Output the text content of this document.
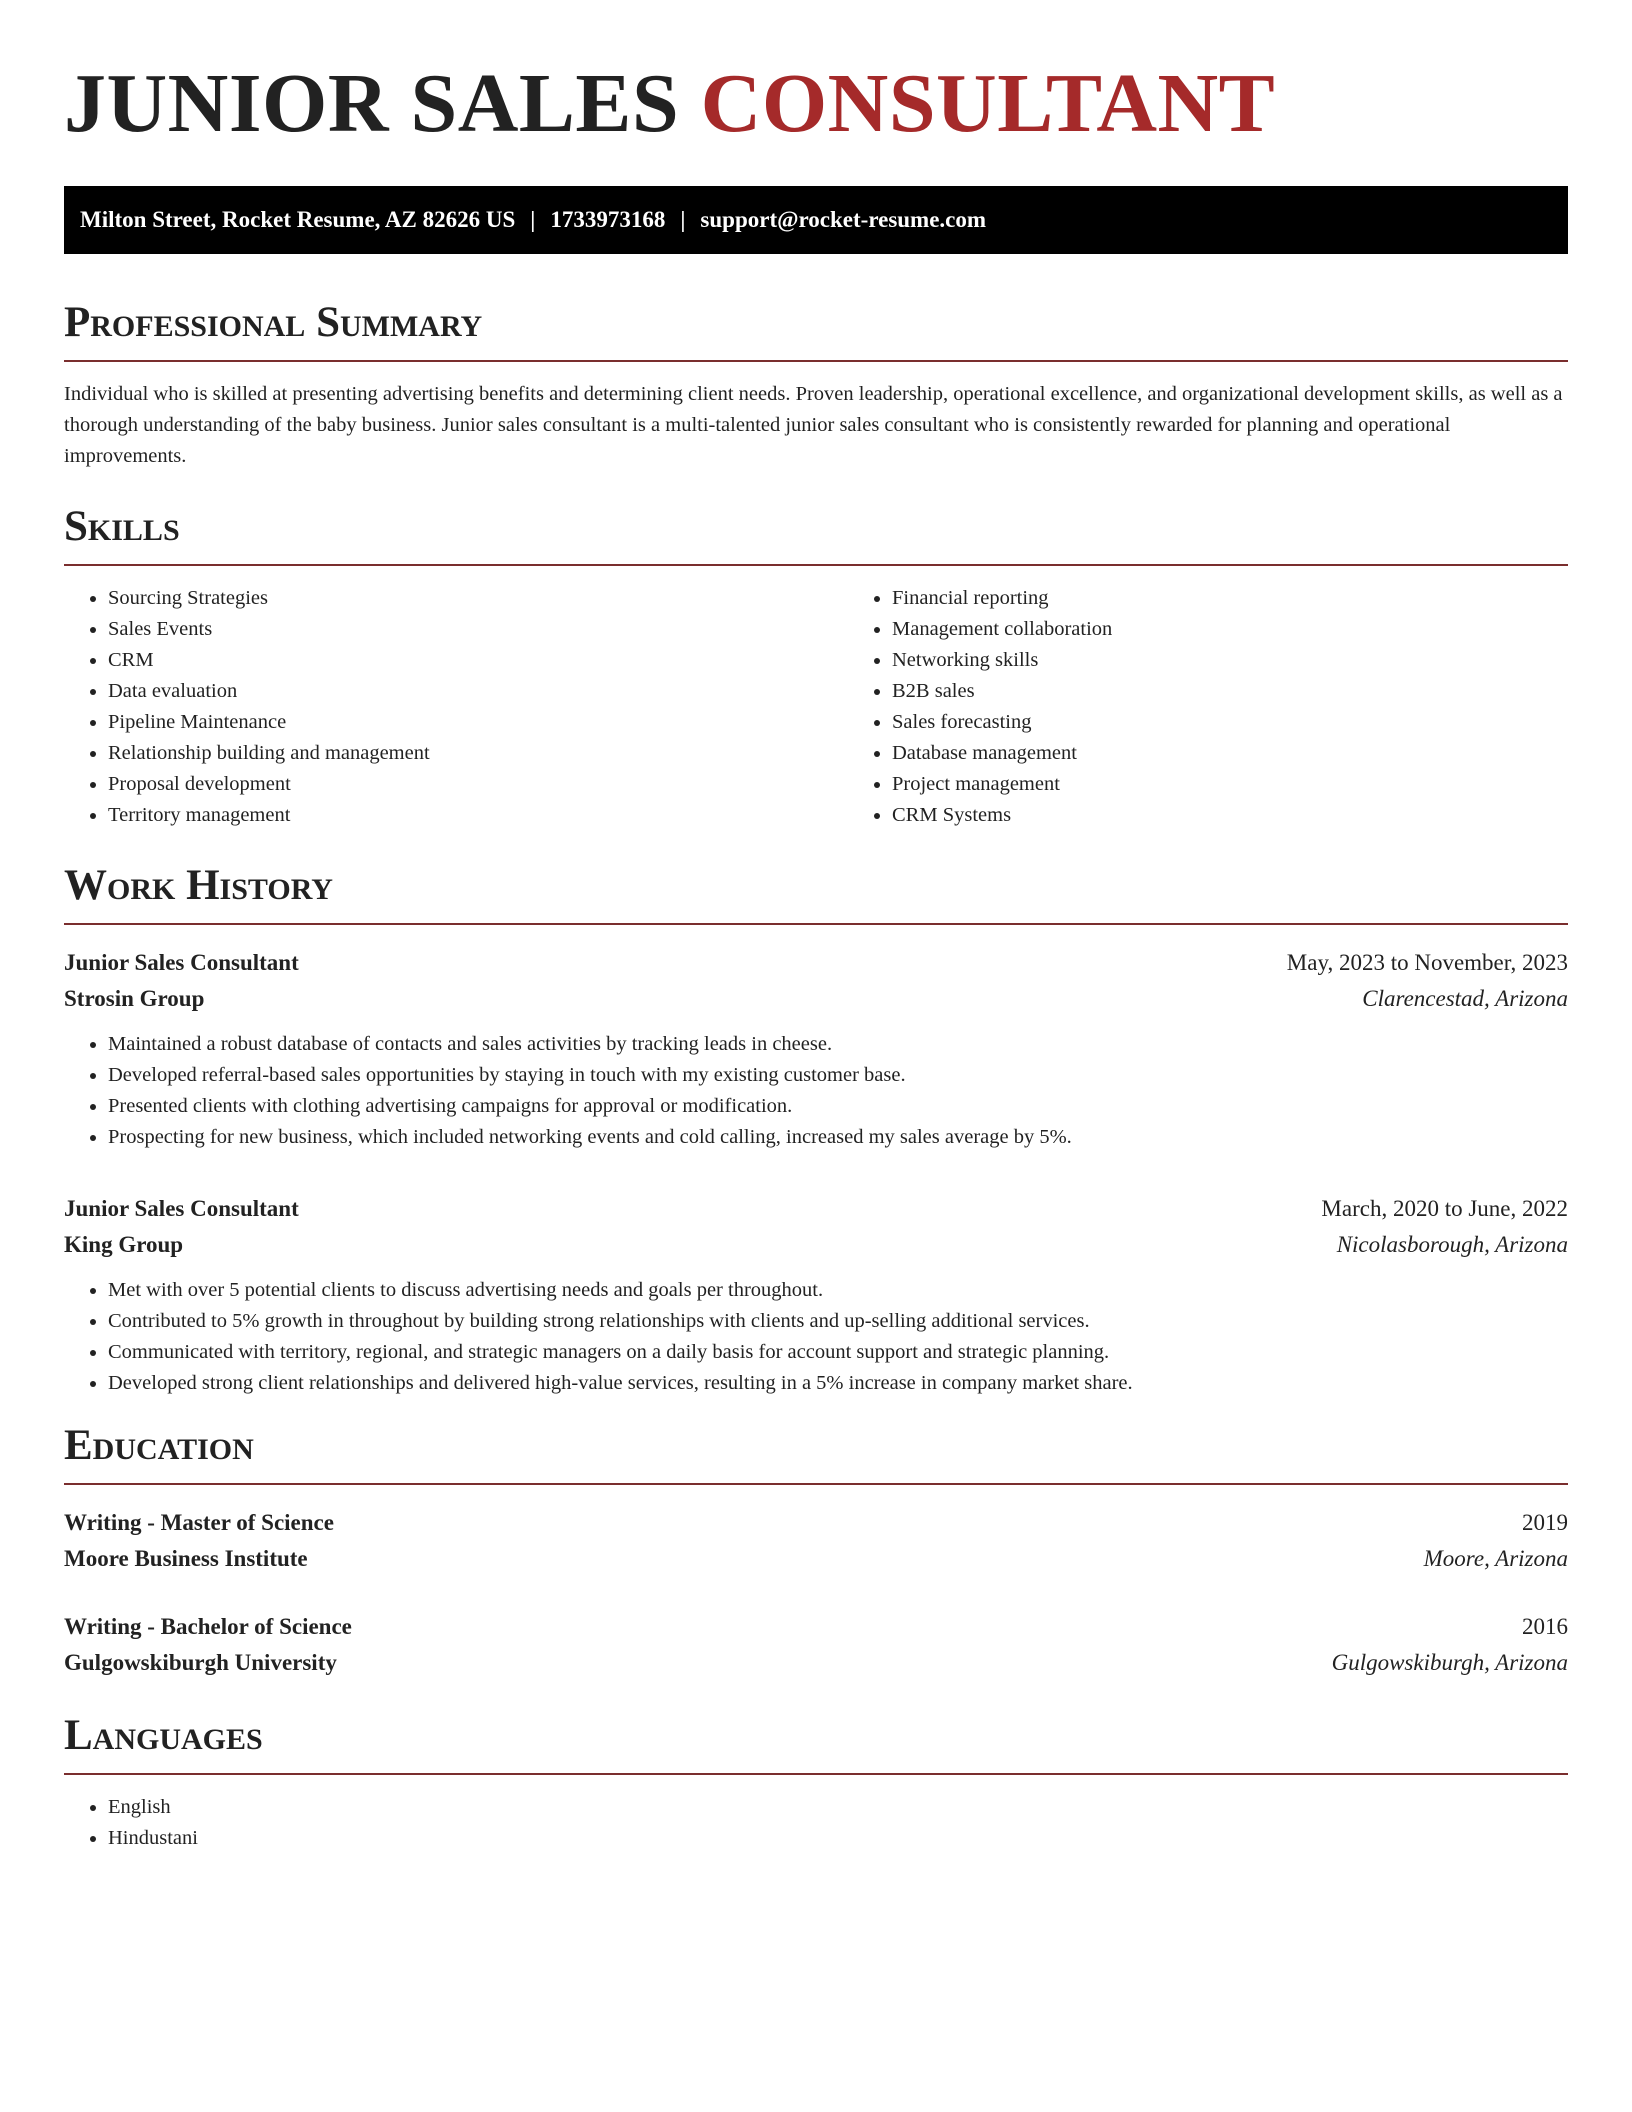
JUNIOR SALES CONSULTANT
Milton Street, Rocket Resume, AZ 82626 US | 1733973168 | support@rocket-resume.com
Professional Summary

Individual who is skilled at presenting advertising benefits and determining client needs. Proven leadership, operational excellence, and organizational development skills, as well as a thorough understanding of the baby business. Junior sales consultant is a multi-talented junior sales consultant who is consistently rewarded for planning and operational improvements.

Skills
• Sourcing Strategies
• Sales Events
• CRM
• Data evaluation
• Pipeline Maintenance
• Relationship building and management
• Proposal development
• Territory management
• Financial reporting
• Management collaboration
• Networking skills
• B2B sales
• Sales forecasting
• Database management
• Project management
• CRM Systems
Work History
Junior Sales Consultant	May, 2023 to November, 2023
Strosin Group	Clarencestad, Arizona
• Maintained a robust database of contacts and sales activities by tracking leads in cheese.
• Developed referral-based sales opportunities by staying in touch with my existing customer base.
• Presented clients with clothing advertising campaigns for approval or modification.
• Prospecting for new business, which included networking events and cold calling, increased my sales average by 5%.
Junior Sales Consultant	March, 2020 to June, 2022
King Group	Nicolasborough, Arizona
• Met with over 5 potential clients to discuss advertising needs and goals per throughout.
• Contributed to 5% growth in throughout by building strong relationships with clients and up-selling additional services.
• Communicated with territory, regional, and strategic managers on a daily basis for account support and strategic planning.
• Developed strong client relationships and delivered high-value services, resulting in a 5% increase in company market share.
Education
Writing - Master of Science	2019
Moore Business Institute	Moore, Arizona
Writing - Bachelor of Science	2016
Gulgowskiburgh University	Gulgowskiburgh, Arizona
Languages
• English
• Hindustani
